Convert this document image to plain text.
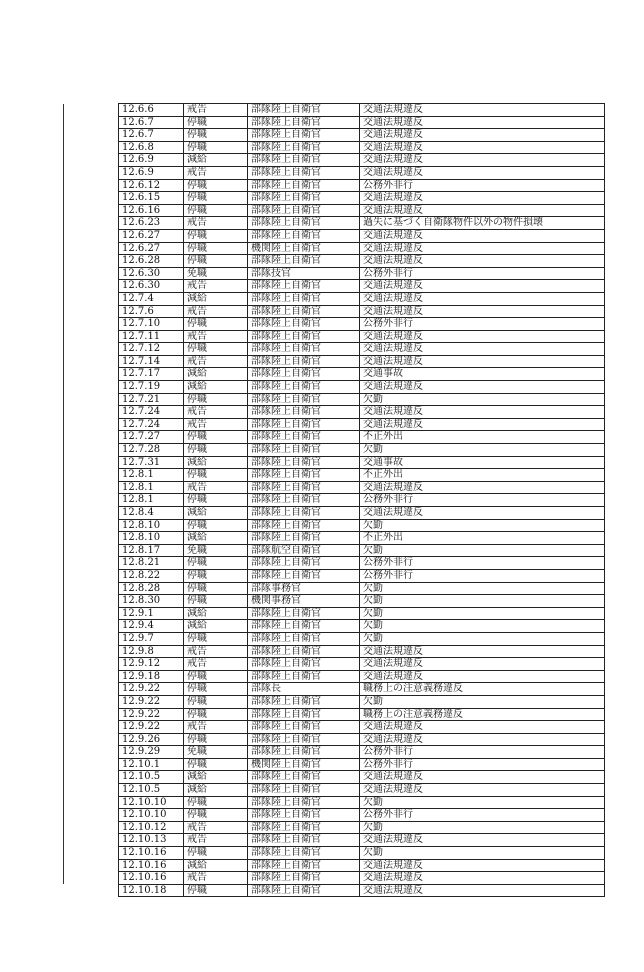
12.6.6	戒告	部隊陸上自衛官	交通法規違反
12.6.7	停職	部隊陸上自衛官	交通法規違反
12.6.7	停職	部隊陸上自衛官	交通法規違反
12.6.8	停職	部隊陸上自衛官	交通法規違反
12.6.9	減給	部隊陸上自衛官	交通法規違反
12.6.9	戒告	部隊陸上自衛官	交通法規違反
12.6.12	停職	部隊陸上自衛官	公務外非行
12.6.15	停職	部隊陸上自衛官	交通法規違反
12.6.16	停職	部隊陸上自衛官	交通法規違反
12.6.23	戒告	部隊陸上自衛官	過失に基づく自衛隊物件以外の物件損壊
12.6.27	停職	部隊陸上自衛官	交通法規違反
12.6.27	停職	機関陸上自衛官	交通法規違反
12.6.28	停職	部隊陸上自衛官	交通法規違反
12.6.30	免職	部隊技官	公務外非行
12.6.30	戒告	部隊陸上自衛官	交通法規違反
12.7.4	減給	部隊陸上自衛官	交通法規違反
12.7.6	戒告	部隊陸上自衛官	交通法規違反
12.7.10	停職	部隊陸上自衛官	公務外非行
12.7.11	戒告	部隊陸上自衛官	交通法規違反
12.7.12	停職	部隊陸上自衛官	交通法規違反
12.7.14	戒告	部隊陸上自衛官	交通法規違反
12.7.17	減給	部隊陸上自衛官	交通事故
12.7.19	減給	部隊陸上自衛官	交通法規違反
12.7.21	停職	部隊陸上自衛官	欠勤
12.7.24	戒告	部隊陸上自衛官	交通法規違反
12.7.24	戒告	部隊陸上自衛官	交通法規違反
12.7.27	停職	部隊陸上自衛官	不正外出
12.7.28	停職	部隊陸上自衛官	欠勤
12.7.31	減給	部隊陸上自衛官	交通事故
12.8.1	停職	部隊陸上自衛官	不正外出
12.8.1	戒告	部隊陸上自衛官	交通法規違反
12.8.1	停職	部隊陸上自衛官	公務外非行
12.8.4	減給	部隊陸上自衛官	交通法規違反
12.8.10	停職	部隊陸上自衛官	欠勤
12.8.10	減給	部隊陸上自衛官	不正外出
12.8.17	免職	部隊航空自衛官	欠勤
12.8.21	停職	部隊陸上自衛官	公務外非行
12.8.22	停職	部隊陸上自衛官	公務外非行
12.8.28	停職	部隊事務官	欠勤
12.8.30	停職	機関事務官	欠勤
12.9.1	減給	部隊陸上自衛官	欠勤
12.9.4	減給	部隊陸上自衛官	欠勤
12.9.7	停職	部隊陸上自衛官	欠勤
12.9.8	戒告	部隊陸上自衛官	交通法規違反
12.9.12	戒告	部隊陸上自衛官	交通法規違反
12.9.18	停職	部隊陸上自衛官	交通法規違反
12.9.22	停職	部隊長	職務上の注意義務違反
12.9.22	停職	部隊陸上自衛官	欠勤
12.9.22	停職	部隊陸上自衛官	職務上の注意義務違反
12.9.22	戒告	部隊陸上自衛官	交通法規違反
12.9.26	停職	部隊陸上自衛官	交通法規違反
12.9.29	免職	部隊陸上自衛官	公務外非行
12.10.1	停職	機関陸上自衛官	公務外非行
12.10.5	減給	部隊陸上自衛官	交通法規違反
12.10.5	減給	部隊陸上自衛官	交通法規違反
12.10.10	停職	部隊陸上自衛官	欠勤
12.10.10	停職	部隊陸上自衛官	公務外非行
12.10.12	戒告	部隊陸上自衛官	欠勤
12.10.13	戒告	部隊陸上自衛官	交通法規違反
12.10.16	停職	部隊陸上自衛官	欠勤
12.10.16	減給	部隊陸上自衛官	交通法規違反
12.10.16	戒告	部隊陸上自衛官	交通法規違反
12.10.18	停職	部隊陸上自衛官	交通法規違反
